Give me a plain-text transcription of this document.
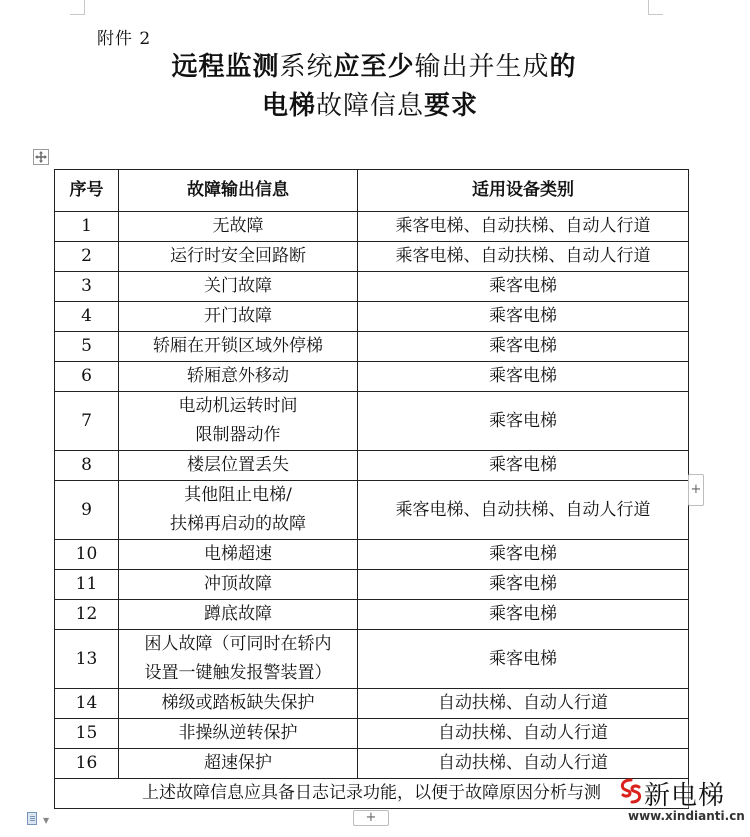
附件 2
远程监测系统应至少输出并生成的
电梯故障信息要求
序号	故障输出信息	适用设备类别
1	无故障	乘客电梯、自动扶梯、自动人行道
2	运行时安全回路断	乘客电梯、自动扶梯、自动人行道
3	关门故障	乘客电梯
4	开门故障	乘客电梯
5	轿厢在开锁区域外停梯	乘客电梯
6	轿厢意外移动	乘客电梯
7	电动机运转时间
限制器动作	乘客电梯
8	楼层位置丢失	乘客电梯
9	其他阻止电梯/
扶梯再启动的故障	乘客电梯、自动扶梯、自动人行道
10	电梯超速	乘客电梯
11	冲顶故障	乘客电梯
12	蹲底故障	乘客电梯
13	困人故障（可同时在轿内
设置一键触发报警装置）	乘客电梯
14	梯级或踏板缺失保护	自动扶梯、自动人行道
15	非操纵逆转保护	自动扶梯、自动人行道
16	超速保护	自动扶梯、自动人行道
上述故障信息应具备日志记录功能，以便于故障原因分析与测		
+
+
▼
新电梯
www.xindianti.cn
